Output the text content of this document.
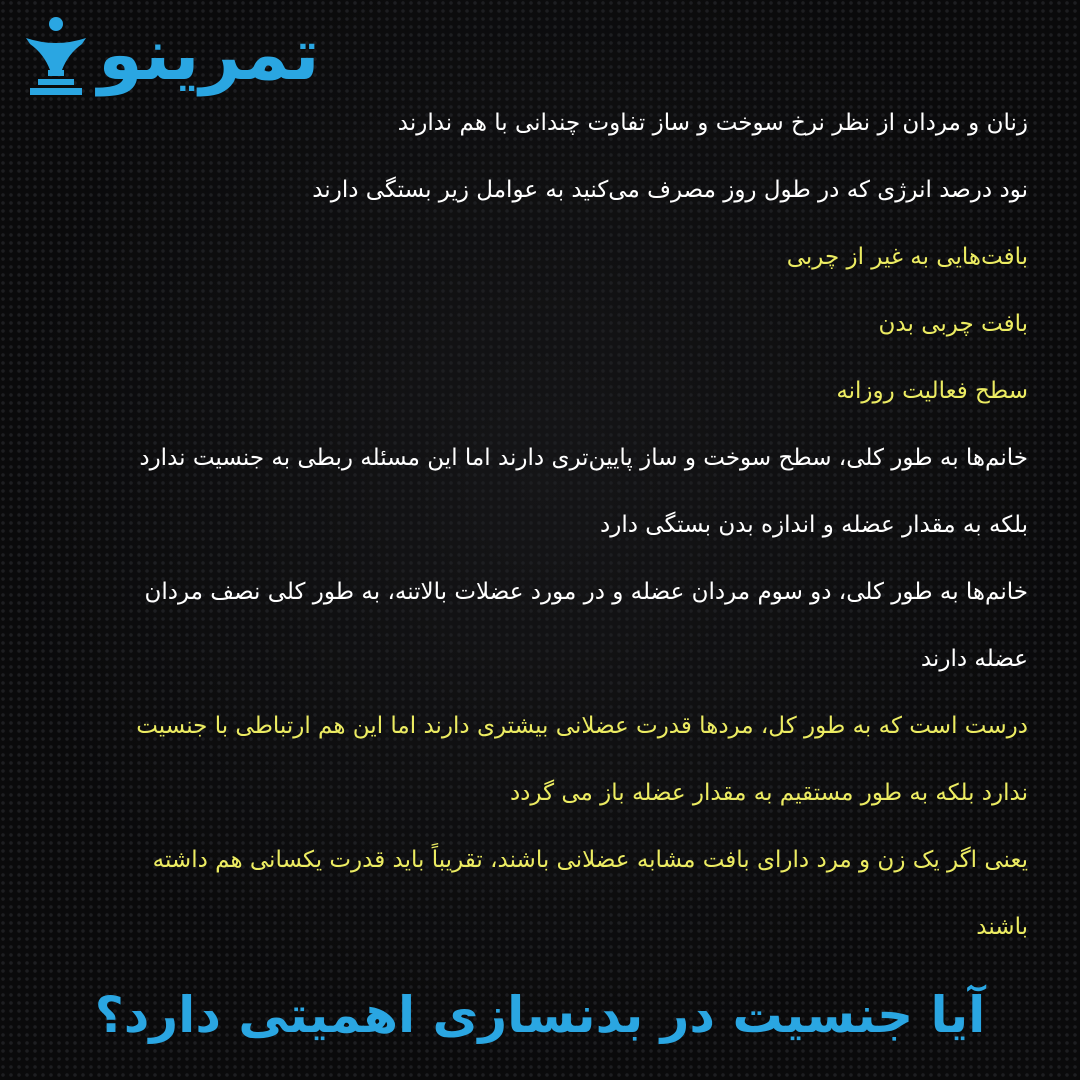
تمرینو
زنان و مردان از نظر نرخ سوخت و ساز تفاوت چندانی با هم ندارند
نود درصد انرژی که در طول روز مصرف می‌کنید به عوامل زیر بستگی دارند
بافت‌هایی به غیر از چربی
بافت چربی بدن
سطح فعالیت روزانه
خانم‌ها به طور کلی، سطح سوخت و ساز پایین‌تری دارند اما این مسئله ربطی به جنسیت ندارد
بلکه به مقدار عضله و اندازه بدن بستگی دارد
خانم‌ها به طور کلی، دو سوم مردان عضله و در مورد عضلات بالاتنه، به طور کلی نصف مردان
عضله دارند
درست است که به طور کل، مردها قدرت عضلانی بیشتری دارند اما این هم ارتباطی با جنسیت
ندارد بلکه به طور مستقیم به مقدار عضله باز می گردد
یعنی اگر یک زن و مرد دارای بافت مشابه عضلانی باشند، تقریباً باید قدرت یکسانی هم داشته
باشند
آیا جنسیت در بدنسازی اهمیتی دارد؟
